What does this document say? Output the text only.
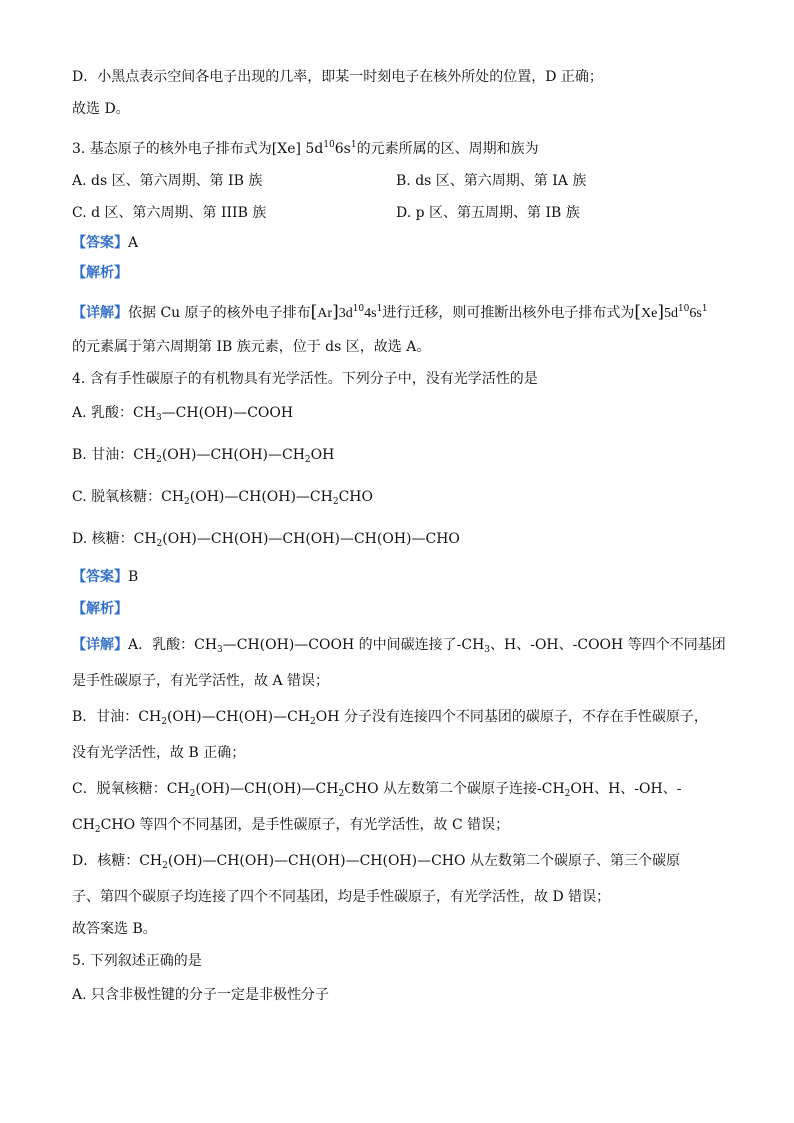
D．小黑点表示空间各电子出现的几率，即某一时刻电子在核外所处的位置，D 正确；
故选 D。
3. 基态原子的核外电子排布式为[Xe] $5d^{10}6s^1$的元素所属的区、周期和族为
A. ds 区、第六周期、第 IB 族	B. ds 区、第六周期、第 IA 族
C. d 区、第六周期、第 IIIB 族	D. p 区、第五周期、第 IB 族
【答案】A
【解析】
【详解】依据 Cu 原子的核外电子排布$[Ar]3d^{10}4s^1$进行迁移，则可推断出核外电子排布式为$[Xe]5d^{10}6s^1$
的元素属于第六周期第 IB 族元素，位于 ds 区，故选 A。
4. 含有手性碳原子的有机物具有光学活性。下列分子中，没有光学活性的是
A. 乳酸：$CH_3—CH(OH)—COOH$
B. 甘油：$CH_2(OH)—CH(OH)—CH_2OH$
C. 脱氧核糖：$CH_2(OH)—CH(OH)—CH_2CHO$
D. 核糖：$CH_2(OH)—CH(OH)—CH(OH)—CH(OH)—CHO$
【答案】B
【解析】
【详解】A．乳酸：$CH_3—CH(OH)—COOH$ 的中间碳连接了$-CH_3$、H、-OH、-COOH 等四个不同基团
是手性碳原子，有光学活性，故 A 错误；
B．甘油：$CH_2(OH)—CH(OH)—CH_2OH$ 分子没有连接四个不同基团的碳原子，不存在手性碳原子，
没有光学活性，故 B 正确；
C．脱氧核糖：$CH_2(OH)—CH(OH)—CH_2CHO$ 从左数第二个碳原子连接$-CH_2OH$、H、-OH、-
$CH_2CHO$ 等四个不同基团，是手性碳原子，有光学活性，故 C 错误；
D．核糖：$CH_2(OH)—CH(OH)—CH(OH)—CH(OH)—CHO$ 从左数第二个碳原子、第三个碳原
子、第四个碳原子均连接了四个不同基团，均是手性碳原子，有光学活性，故 D 错误；
故答案选 B。
5. 下列叙述正确的是
A. 只含非极性键的分子一定是非极性分子
